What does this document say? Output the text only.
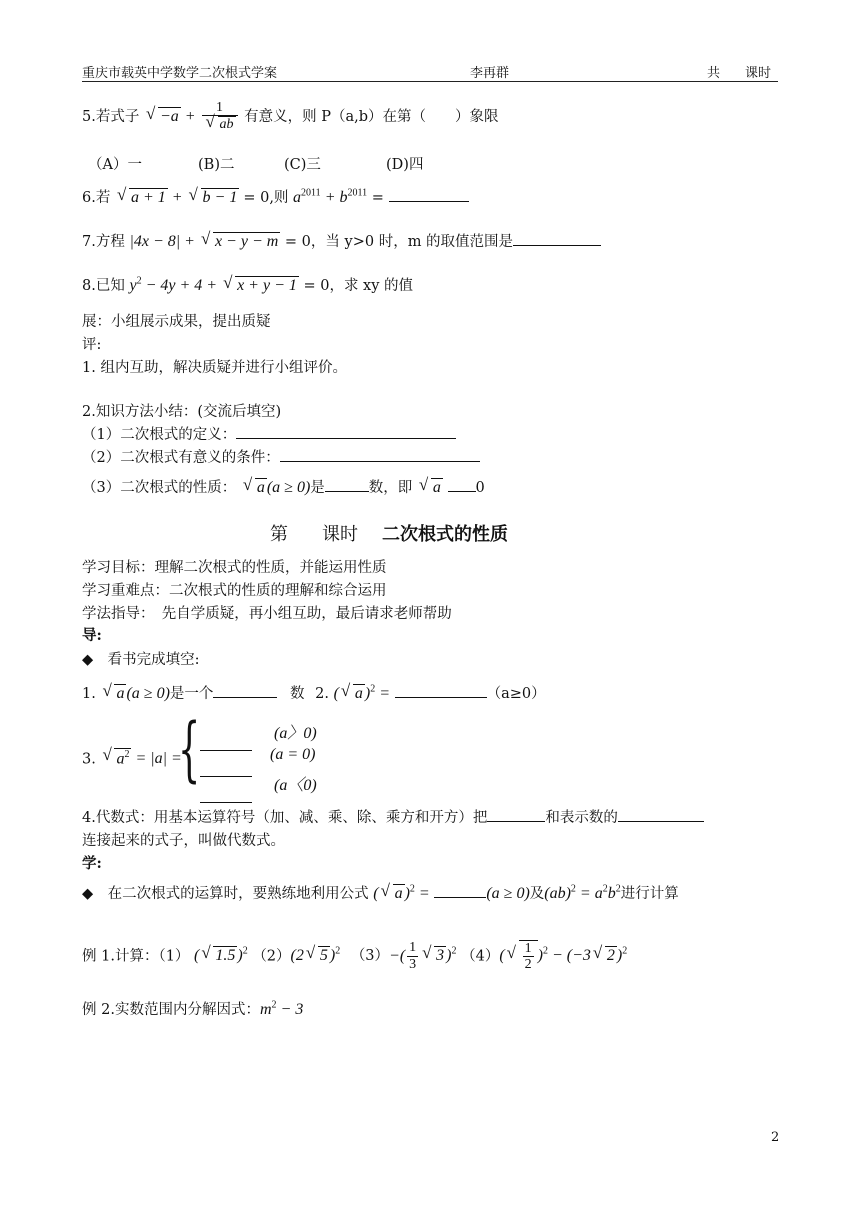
重庆市载英中学数学二次根式学案	李再群	共 课时
5.若式子 √ −a + 1
√ ab 有意义，则 P（a,b）在第（　　）象限
（A）一	(B)二	(C)三	(D)四
6.若 √ a + 1 + √ b − 1 = 0,则 $a^{2011} + b^{2011}$ =
7.方程 |4x − 8| + √ x − y − m = 0，当 y>0 时，m 的取值范围是
8.已知 $y^2 - 4y + 4$ + √ x + y − 1 = 0，求 xy 的值
展：小组展示成果，提出质疑
评:
1. 组内互助，解决质疑并进行小组评价。
2.知识方法小结：(交流后填空)
（1）二次根式的定义：
（2）二次根式有意义的条件：
（3）二次根式的性质： √ a (a ≥ 0)是	数，即 √ a 0
第 课时 二次根式的性质
学习目标：理解二次根式的性质，并能运用性质
学习重难点：二次根式的性质的理解和综合运用
学法指导：　先自学质疑，再小组互助，最后请求老师帮助
导:
◆　看书完成填空:
1. √ a (a ≥ 0)是一个	数 2. (√ a )$^2$ =	（a≥0）
3. √ $a^2 = |a|$ =
{	(a〉0)
(a = 0)
(a〈0)
4.代数式：用基本运算符号（加、减、乘、除、乘方和开方）把	和表示数的
连接起来的式子，叫做代数式。
学:
◆　在二次根式的运算时，要熟练地利用公式 (√ a )$^2$ =	(a ≥ 0)及$(ab)^2 = a^2b^2$进行计算
例 1.计算：（1） (√ 1.5 )$^2$ （2）(2√ 5 )$^2$ $(3)-( \frac{1}{3}$
√ 3 )$^2$ （4）(
√ $\frac{1}{2} )^2 - (-3√$ 2 )$^2$
例 2.实数范围内分解因式：$m^2 - 3$
2
